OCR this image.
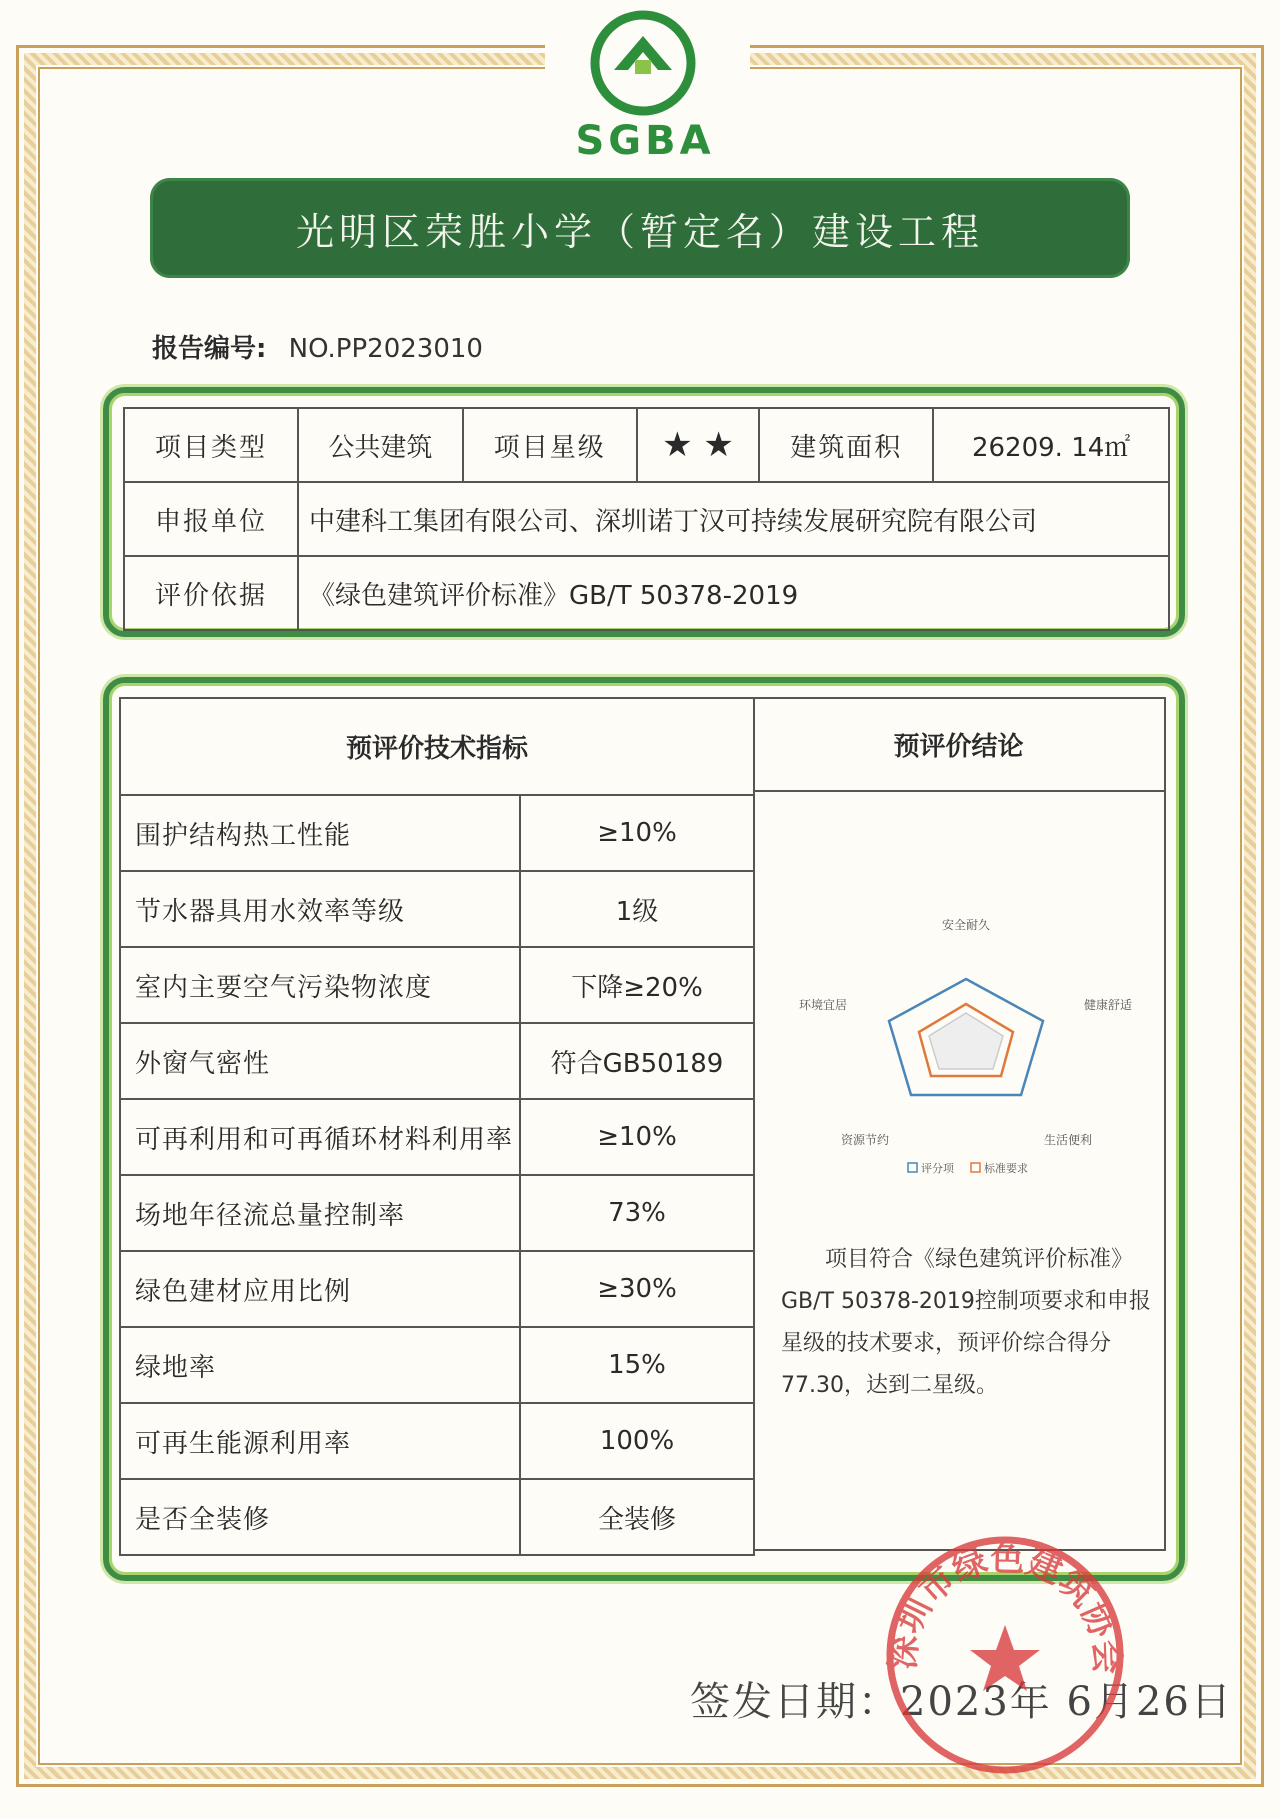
SGBA
光明区荣胜小学（暂定名）建设工程
报告编号: NO.PP2023010
项目类型	公共建筑	项目星级	★ ★	建筑面积	26209. 14㎡
申报单位	中建科工集团有限公司、深圳诺丁汉可持续发展研究院有限公司				
评价依据	《绿色建筑评价标准》GB/T 50378-2019				
预评价技术指标	
围护结构热工性能	≥10%
节水器具用水效率等级	1级
室内主要空气污染物浓度	下降≥20%
外窗气密性	符合GB50189
可再利用和可再循环材料利用率	≥10%
场地年径流总量控制率	73%
绿色建材应用比例	≥30%
绿地率	15%
可再生能源利用率	100%
是否全装修	全装修
预评价结论
安全耐久
健康舒适
生活便利
资源节约
环境宜居
评分项	标准要求
项目符合《绿色建筑评价标准》GB/T 50378-2019控制项要求和申报星级的技术要求，预评价综合得分77.30，达到二星级。
签发日期：2023年 6月26日
深圳市绿色建筑协会
